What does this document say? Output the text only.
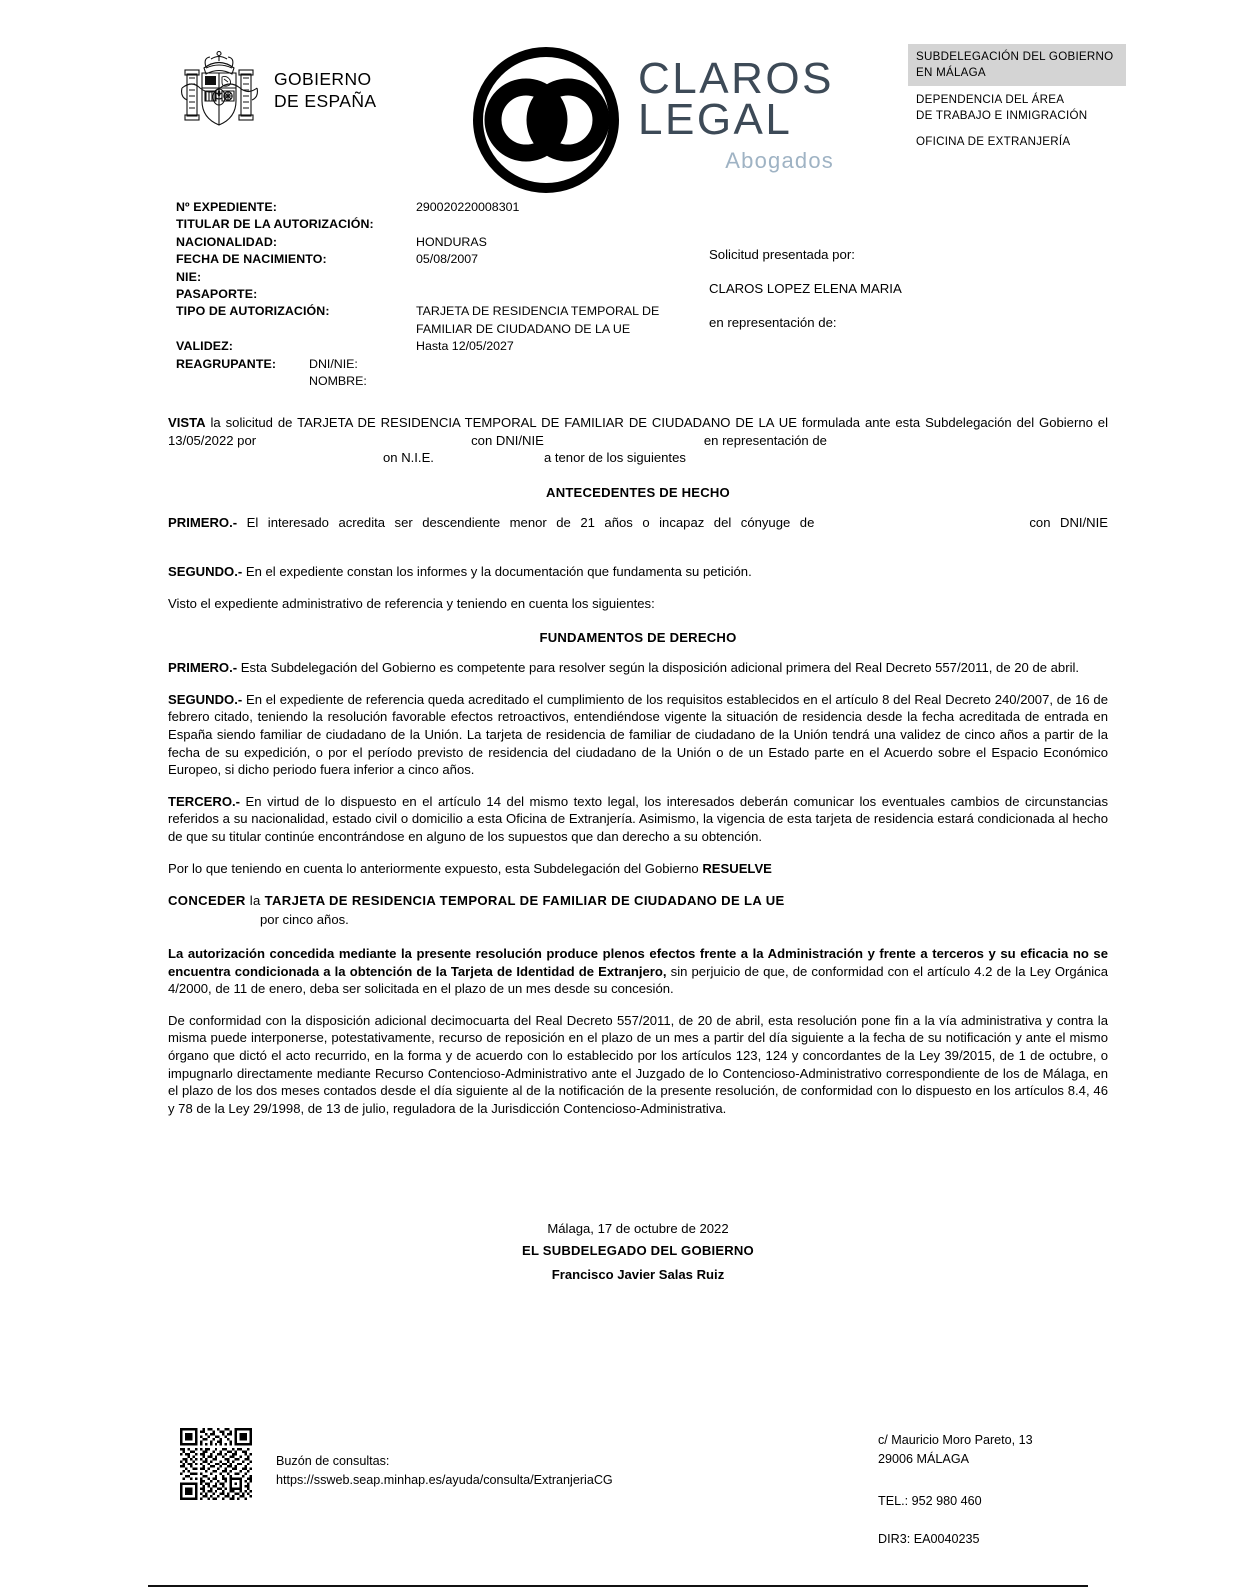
GOBIERNO
DE ESPAÑA	CLAROS
LEGAL
Abogados
SUBDELEGACIÓN DEL GOBIERNO
EN MÁLAGA
DEPENDENCIA DEL ÁREA
DE TRABAJO E INMIGRACIÓN
OFICINA DE EXTRANJERÍA
Nº EXPEDIENTE:	290020220008301
TITULAR DE LA AUTORIZACIÓN:
NACIONALIDAD:	HONDURAS
FECHA DE NACIMIENTO:	05/08/2007
NIE:
PASAPORTE:
TIPO DE AUTORIZACIÓN:	TARJETA DE RESIDENCIA TEMPORAL DE
FAMILIAR DE CIUDADANO DE LA UE
VALIDEZ:	Hasta 12/05/2027
REAGRUPANTE:	DNI/NIE:
NOMBRE:
Solicitud presentada por:
CLAROS LOPEZ ELENA MARIA
en representación de:

VISTA la solicitud de TARJETA DE RESIDENCIA TEMPORAL DE FAMILIAR DE CIUDADANO DE LA UE formulada ante esta Subdelegación del Gobierno el 13/05/2022 por	con DNI/NIE	en representación de

on N.I.E.	a tenor de los siguientes

ANTECEDENTES DE HECHO

PRIMERO.- El interesado acredita ser descendiente menor de 21 años o incapaz del cónyuge de	con DNI/NIE

SEGUNDO.- En el expediente constan los informes y la documentación que fundamenta su petición.

Visto el expediente administrativo de referencia y teniendo en cuenta los siguientes:

FUNDAMENTOS DE DERECHO

PRIMERO.- Esta Subdelegación del Gobierno es competente para resolver según la disposición adicional primera del Real Decreto 557/2011, de 20 de abril.

SEGUNDO.- En el expediente de referencia queda acreditado el cumplimiento de los requisitos establecidos en el artículo 8 del Real Decreto 240/2007, de 16 de febrero citado, teniendo la resolución favorable efectos retroactivos, entendiéndose vigente la situación de residencia desde la fecha acreditada de entrada en España siendo familiar de ciudadano de la Unión. La tarjeta de residencia de familiar de ciudadano de la Unión tendrá una validez de cinco años a partir de la fecha de su expedición, o por el período previsto de residencia del ciudadano de la Unión o de un Estado parte en el Acuerdo sobre el Espacio Económico Europeo, si dicho periodo fuera inferior a cinco años.

TERCERO.- En virtud de lo dispuesto en el artículo 14 del mismo texto legal, los interesados deberán comunicar los eventuales cambios de circunstancias referidos a su nacionalidad, estado civil o domicilio a esta Oficina de Extranjería. Asimismo, la vigencia de esta tarjeta de residencia estará condicionada al hecho de que su titular continúe encontrándose en alguno de los supuestos que dan derecho a su obtención.

Por lo que teniendo en cuenta lo anteriormente expuesto, esta Subdelegación del Gobierno RESUELVE

CONCEDER la TARJETA DE RESIDENCIA TEMPORAL DE FAMILIAR DE CIUDADANO DE LA UE
por cinco años.

La autorización concedida mediante la presente resolución produce plenos efectos frente a la Administración y frente a terceros y su eficacia no se encuentra condicionada a la obtención de la Tarjeta de Identidad de Extranjero, sin perjuicio de que, de conformidad con el artículo 4.2 de la Ley Orgánica 4/2000, de 11 de enero, deba ser solicitada en el plazo de un mes desde su concesión.

De conformidad con la disposición adicional decimocuarta del Real Decreto 557/2011, de 20 de abril, esta resolución pone fin a la vía administrativa y contra la misma puede interponerse, potestativamente, recurso de reposición en el plazo de un mes a partir del día siguiente a la fecha de su notificación y ante el mismo órgano que dictó el acto recurrido, en la forma y de acuerdo con lo establecido por los artículos 123, 124 y concordantes de la Ley 39/2015, de 1 de octubre, o impugnarlo directamente mediante Recurso Contencioso-Administrativo ante el Juzgado de lo Contencioso-Administrativo correspondiente de los de Málaga, en el plazo de los dos meses contados desde el día siguiente al de la notificación de la presente resolución, de conformidad con lo dispuesto en los artículos 8.4, 46 y 78 de la Ley 29/1998, de 13 de julio, reguladora de la Jurisdicción Contencioso-Administrativa.

Málaga, 17 de octubre de 2022
EL SUBDELEGADO DEL GOBIERNO
Francisco Javier Salas Ruiz
Buzón de consultas:
https://ssweb.seap.minhap.es/ayuda/consulta/ExtranjeriaCG

c/ Mauricio Moro Pareto, 13
29006 MÁLAGA

TEL.: 952 980 460

DIR3: EA0040235
